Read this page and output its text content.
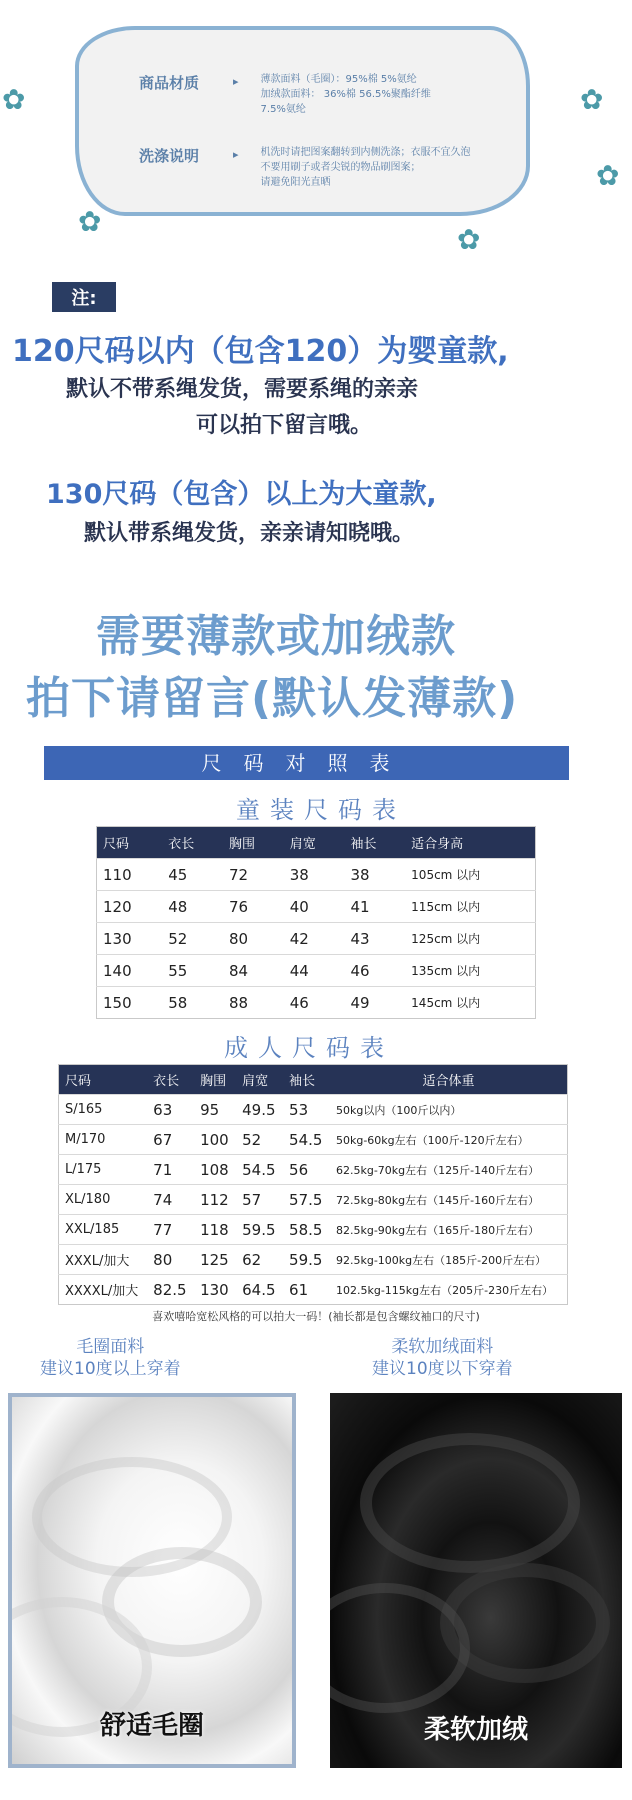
✿	✿
✿
✿
✿
商品材质	▸ 薄款面料（毛圈）：95%棉 5%氨纶
加绒款面料： 36%棉 56.5%聚酯纤维
7.5%氨纶
洗涤说明	▸ 机洗时请把图案翻转到内侧洗涤；衣服不宜久泡
不要用刷子或者尖锐的物品刷图案；
请避免阳光直晒
注:
120尺码以内（包含120）为婴童款,
默认不带系绳发货，需要系绳的亲亲
可以拍下留言哦。
130尺码（包含）以上为大童款,
默认带系绳发货，亲亲请知晓哦。
需要薄款或加绒款
拍下请留言(默认发薄款)
尺码对照表
童装尺码表
尺码	衣长	胸围	肩宽	袖长	适合身高
110	45	72	38	38	105cm 以内
120	48	76	40	41	115cm 以内
130	52	80	42	43	125cm 以内
140	55	84	44	46	135cm 以内
150	58	88	46	49	145cm 以内
成人尺码表
尺码	衣长	胸围	肩宽	袖长	适合体重
S/165	63	95	49.5	53	50kg以内（100斤以内）
M/170	67	100	52	54.5	50kg-60kg左右（100斤-120斤左右）
L/175	71	108	54.5	56	62.5kg-70kg左右（125斤-140斤左右）
XL/180	74	112	57	57.5	72.5kg-80kg左右（145斤-160斤左右）
XXL/185	77	118	59.5	58.5	82.5kg-90kg左右（165斤-180斤左右）
XXXL/加大	80	125	62	59.5	92.5kg-100kg左右（185斤-200斤左右）
XXXXL/加大	82.5	130	64.5	61	102.5kg-115kg左右（205斤-230斤左右）
喜欢嘻哈宽松风格的可以拍大一码！(袖长都是包含螺纹袖口的尺寸)
毛圈面料
建议10度以上穿着
柔软加绒面料
建议10度以下穿着
舒适毛圈	柔软加绒
